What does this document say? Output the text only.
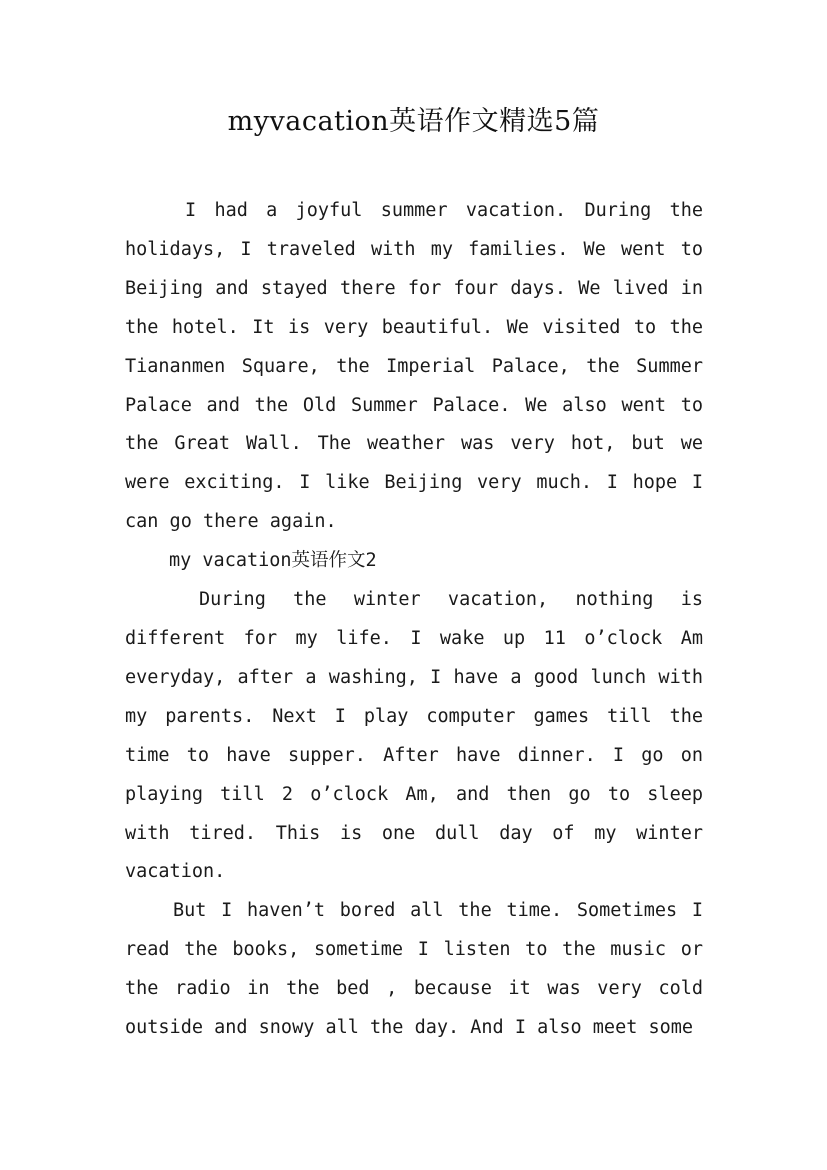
myvacation英语作文精选5篇

I had a joyful summer vacation. During the holidays, I traveled with my families. We went to Beijing and stayed there for four days. We lived in the hotel. It is very beautiful. We visited to the Tiananmen Square, the Imperial Palace, the Summer Palace and the Old Summer Palace. We also went to the Great Wall. The weather was very hot, but we were exciting. I like Beijing very much. I hope I can go there again.

my vacation英语作文2

During the winter vacation, nothing is different for my life. I wake up 11 o’clock Am everyday, after a washing, I have a good lunch with my parents. Next I play computer games till the time to have supper. After have dinner. I go on playing till 2 o’clock Am, and then go to sleep with tired. This is one dull day of my winter vacation.

But I haven’t bored all the time. Sometimes I read the books, sometime I listen to the music or the radio in the bed , because it was very cold outside and snowy all the day. And I also meet some
